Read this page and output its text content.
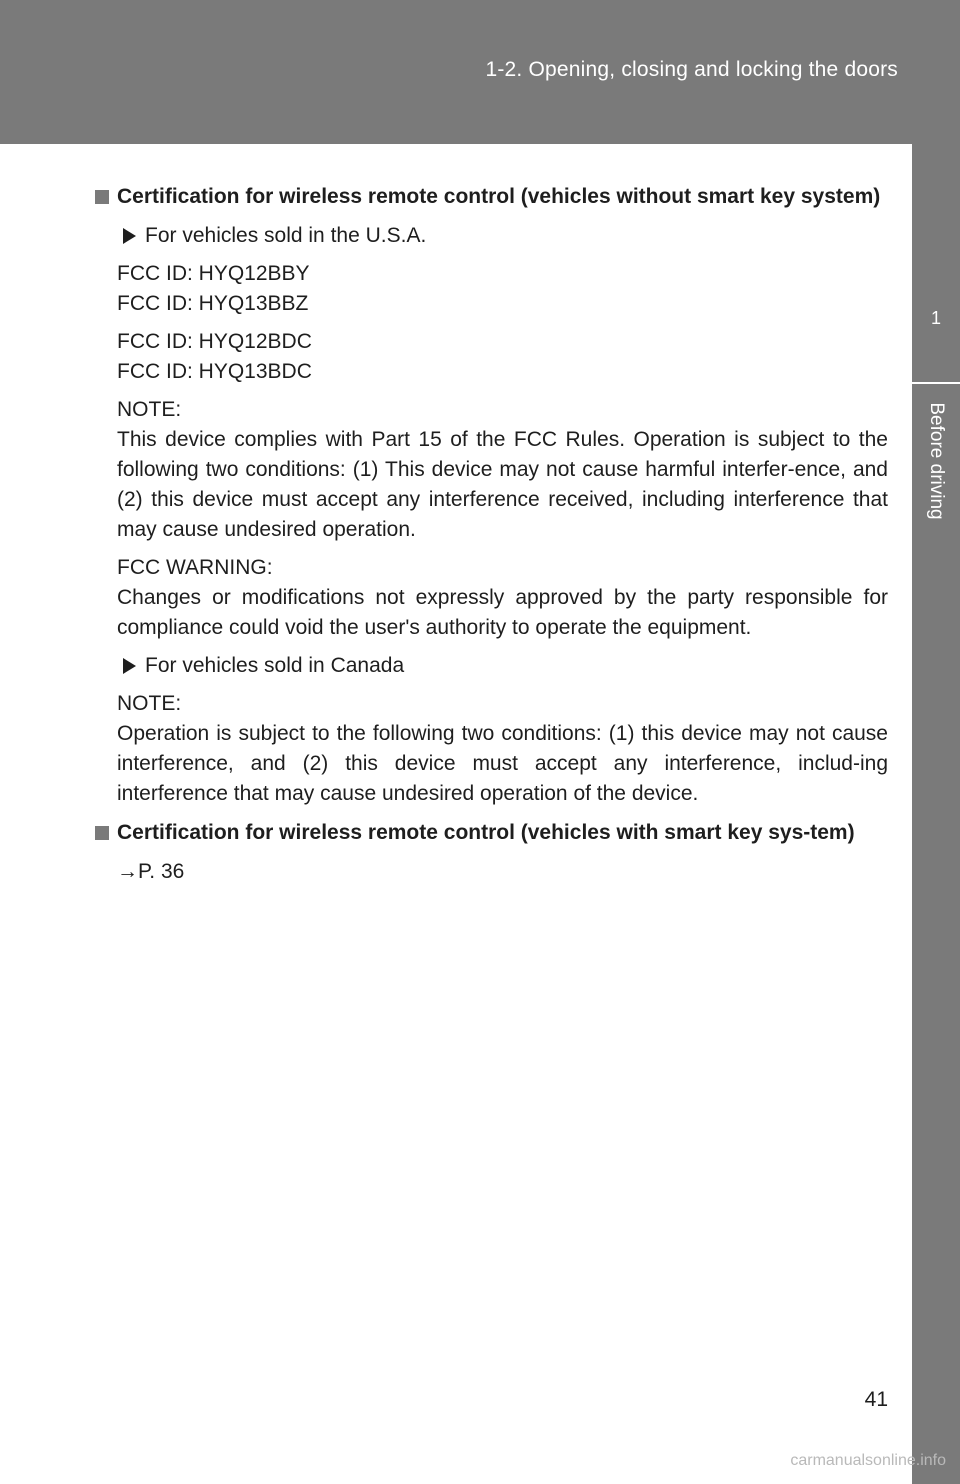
1-2. Opening, closing and locking the doors
1
Before driving
Certification for wireless remote control (vehicles without smart key system)
For vehicles sold in the U.S.A.
FCC ID: HYQ12BBY
FCC ID: HYQ13BBZ
FCC ID: HYQ12BDC
FCC ID: HYQ13BDC
NOTE:
This device complies with Part 15 of the FCC Rules. Operation is subject to the following two conditions: (1) This device may not cause harmful interfer-ence, and (2) this device must accept any interference received, including interference that may cause undesired operation.
FCC WARNING:
Changes or modifications not expressly approved by the party responsible for compliance could void the user's authority to operate the equipment.
For vehicles sold in Canada
NOTE:
Operation is subject to the following two conditions: (1) this device may not cause interference, and (2) this device must accept any interference, includ-ing interference that may cause undesired operation of the device.
Certification for wireless remote control (vehicles with smart key sys-tem)
→P. 36
41
carmanualsonline.info
